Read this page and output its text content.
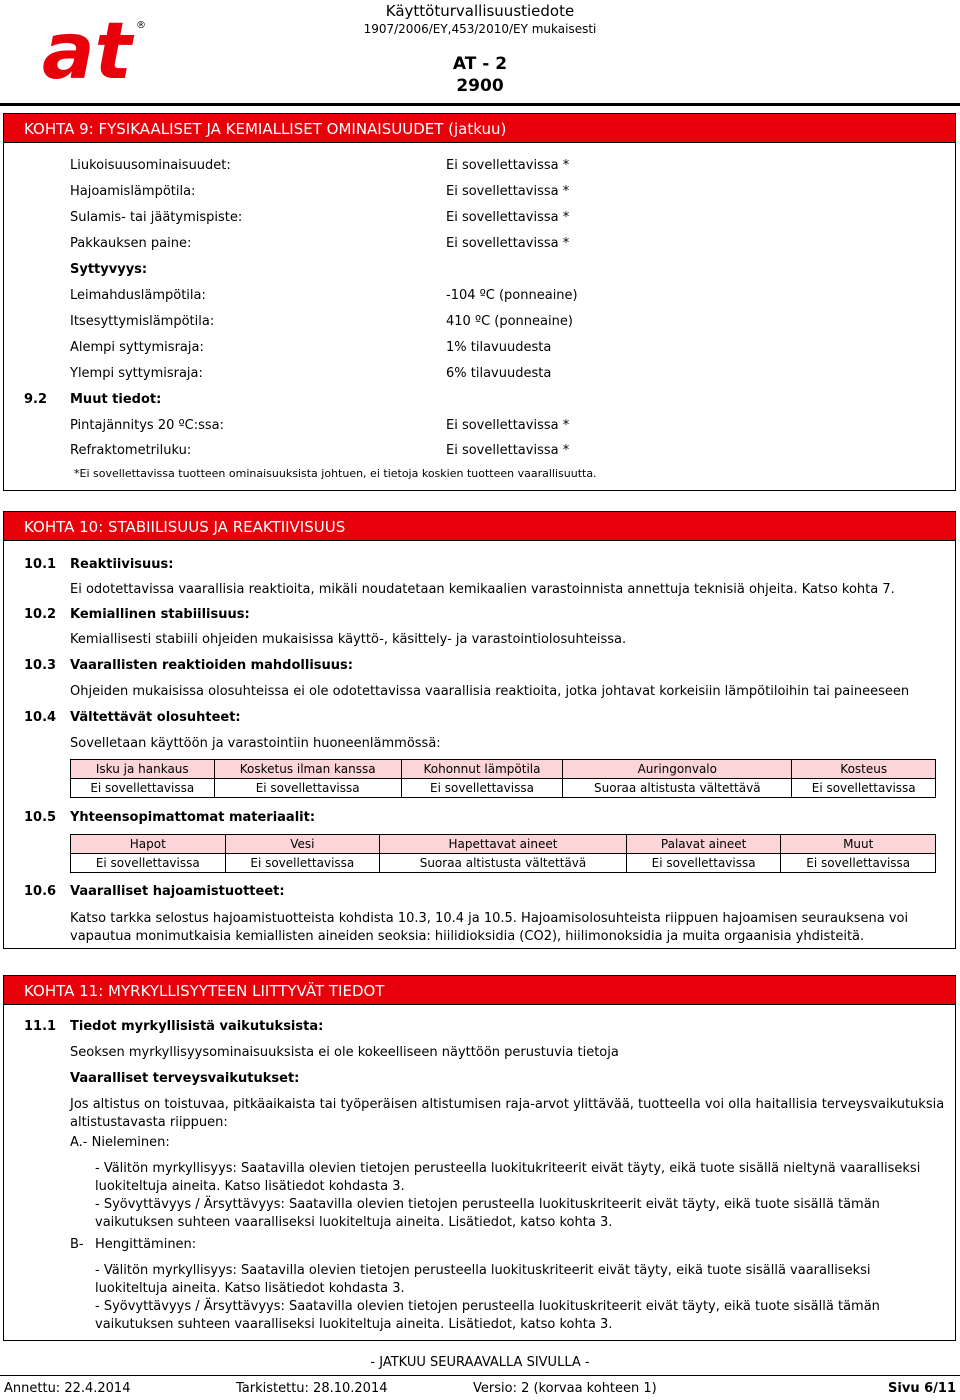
at ®
Käyttöturvallisuustiedote
1907/2006/EY,453/2010/EY mukaisesti
AT - 2
2900
KOHTA 9: FYSIKAALISET JA KEMIALLISET OMINAISUUDET (jatkuu)
Liukoisuusominaisuudet:	Ei sovellettavissa *
Hajoamislämpötila:	Ei sovellettavissa *
Sulamis- tai jäätymispiste:	Ei sovellettavissa *
Pakkauksen paine:	Ei sovellettavissa *
Syttyvyys:
Leimahduslämpötila:	-104 ºC (ponneaine)
Itsesyttymislämpötila:	410 ºC (ponneaine)
Alempi syttymisraja:	1% tilavuudesta
Ylempi syttymisraja:	6% tilavuudesta
9.2 Muut tiedot:
Pintajännitys 20 ºC:ssa:	Ei sovellettavissa *
Refraktometriluku:	Ei sovellettavissa *
*Ei sovellettavissa tuotteen ominaisuuksista johtuen, ei tietoja koskien tuotteen vaarallisuutta.
KOHTA 10: STABIILISUUS JA REAKTIIVISUUS
10.1 Reaktiivisuus:
Ei odotettavissa vaarallisia reaktioita, mikäli noudatetaan kemikaalien varastoinnista annettuja teknisiä ohjeita. Katso kohta 7.
10.2 Kemiallinen stabiilisuus:
Kemiallisesti stabiili ohjeiden mukaisissa käyttö-, käsittely- ja varastointiolosuhteissa.
10.3 Vaarallisten reaktioiden mahdollisuus:
Ohjeiden mukaisissa olosuhteissa ei ole odotettavissa vaarallisia reaktioita, jotka johtavat korkeisiin lämpötiloihin tai paineeseen
10.4 Vältettävät olosuhteet:
Sovelletaan käyttöön ja varastointiin huoneenlämmössä:
Isku ja hankaus	Kosketus ilman kanssa	Kohonnut lämpötila	Auringonvalo	Kosteus
Ei sovellettavissa	Ei sovellettavissa	Ei sovellettavissa	Suoraa altistusta vältettävä	Ei sovellettavissa
10.5 Yhteensopimattomat materiaalit:
Hapot	Vesi	Hapettavat aineet	Palavat aineet	Muut
Ei sovellettavissa	Ei sovellettavissa	Suoraa altistusta vältettävä	Ei sovellettavissa	Ei sovellettavissa
10.6 Vaaralliset hajoamistuotteet:
Katso tarkka selostus hajoamistuotteista kohdista 10.3, 10.4 ja 10.5. Hajoamisolosuhteista riippuen hajoamisen seurauksena voi
vapautua monimutkaisia kemiallisten aineiden seoksia: hiilidioksidia (CO2), hiilimonoksidia ja muita orgaanisia yhdisteitä.
KOHTA 11: MYRKYLLISYYTEEN LIITTYVÄT TIEDOT
11.1 Tiedot myrkyllisistä vaikutuksista:
Seoksen myrkyllisyysominaisuuksista ei ole kokeelliseen näyttöön perustuvia tietoja
Vaaralliset terveysvaikutukset:
Jos altistus on toistuvaa, pitkäaikaista tai työperäisen altistumisen raja-arvot ylittävää, tuotteella voi olla haitallisia terveysvaikutuksia
altistustavasta riippuen:
A.- Nieleminen:
- Välitön myrkyllisyys: Saatavilla olevien tietojen perusteella luokitukriteerit eivät täyty, eikä tuote sisällä nieltynä vaaralliseksi
luokiteltuja aineita. Katso lisätiedot kohdasta 3.
- Syövyttävyys / Ärsyttävyys: Saatavilla olevien tietojen perusteella luokituskriteerit eivät täyty, eikä tuote sisällä tämän
vaikutuksen suhteen vaaralliseksi luokiteltuja aineita. Lisätiedot, katso kohta 3.
B- Hengittäminen:
- Välitön myrkyllisyys: Saatavilla olevien tietojen perusteella luokituskriteerit eivät täyty, eikä tuote sisällä vaaralliseksi
luokiteltuja aineita. Katso lisätiedot kohdasta 3.
- Syövyttävyys / Ärsyttävyys: Saatavilla olevien tietojen perusteella luokituskriteerit eivät täyty, eikä tuote sisällä tämän
vaikutuksen suhteen vaaralliseksi luokiteltuja aineita. Lisätiedot, katso kohta 3.
- JATKUU SEURAAVALLA SIVULLA -
Annettu: 22.4.2014	Tarkistettu: 28.10.2014	Versio: 2 (korvaa kohteen 1)	Sivu 6/11
